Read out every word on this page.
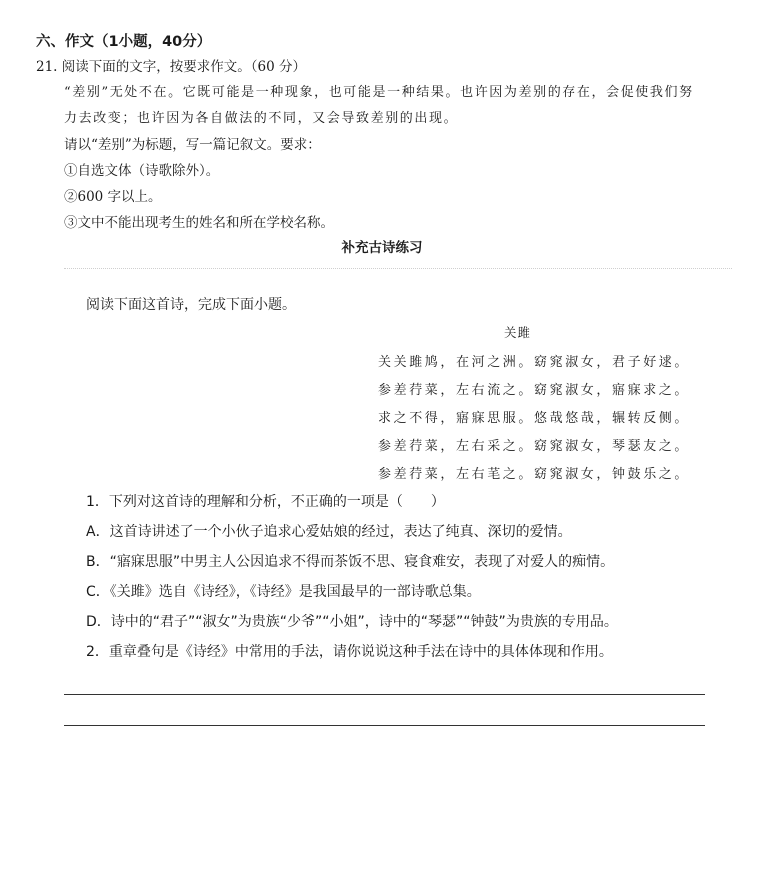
六、作文（1小题，40分）
21. 阅读下面的文字，按要求作文。（60 分）
“差别”无处不在。它既可能是一种现象，也可能是一种结果。也许因为差别的存在，会促使我们努
力去改变；也许因为各自做法的不同，又会导致差别的出现。
请以“差别”为标题，写一篇记叙文。要求：
①自选文体（诗歌除外）。
②600 字以上。
③文中不能出现考生的姓名和所在学校名称。
补充古诗练习
阅读下面这首诗，完成下面小题。
关雎
关关雎鸠，在河之洲。窈窕淑女，君子好逑。
参差荇菜，左右流之。窈窕淑女，寤寐求之。
求之不得，寤寐思服。悠哉悠哉，辗转反侧。
参差荇菜，左右采之。窈窕淑女，琴瑟友之。
参差荇菜，左右芼之。窈窕淑女，钟鼓乐之。
1．下列对这首诗的理解和分析，不正确的一项是（　　）
A．这首诗讲述了一个小伙子追求心爱姑娘的经过，表达了纯真、深切的爱情。
B．“寤寐思服”中男主人公因追求不得而茶饭不思、寝食难安，表现了对爱人的痴情。
C．《关雎》选自《诗经》，《诗经》是我国最早的一部诗歌总集。
D．诗中的“君子”“淑女”为贵族“少爷”“小姐”，诗中的“琴瑟”“钟鼓”为贵族的专用品。
2．重章叠句是《诗经》中常用的手法，请你说说这种手法在诗中的具体体现和作用。
